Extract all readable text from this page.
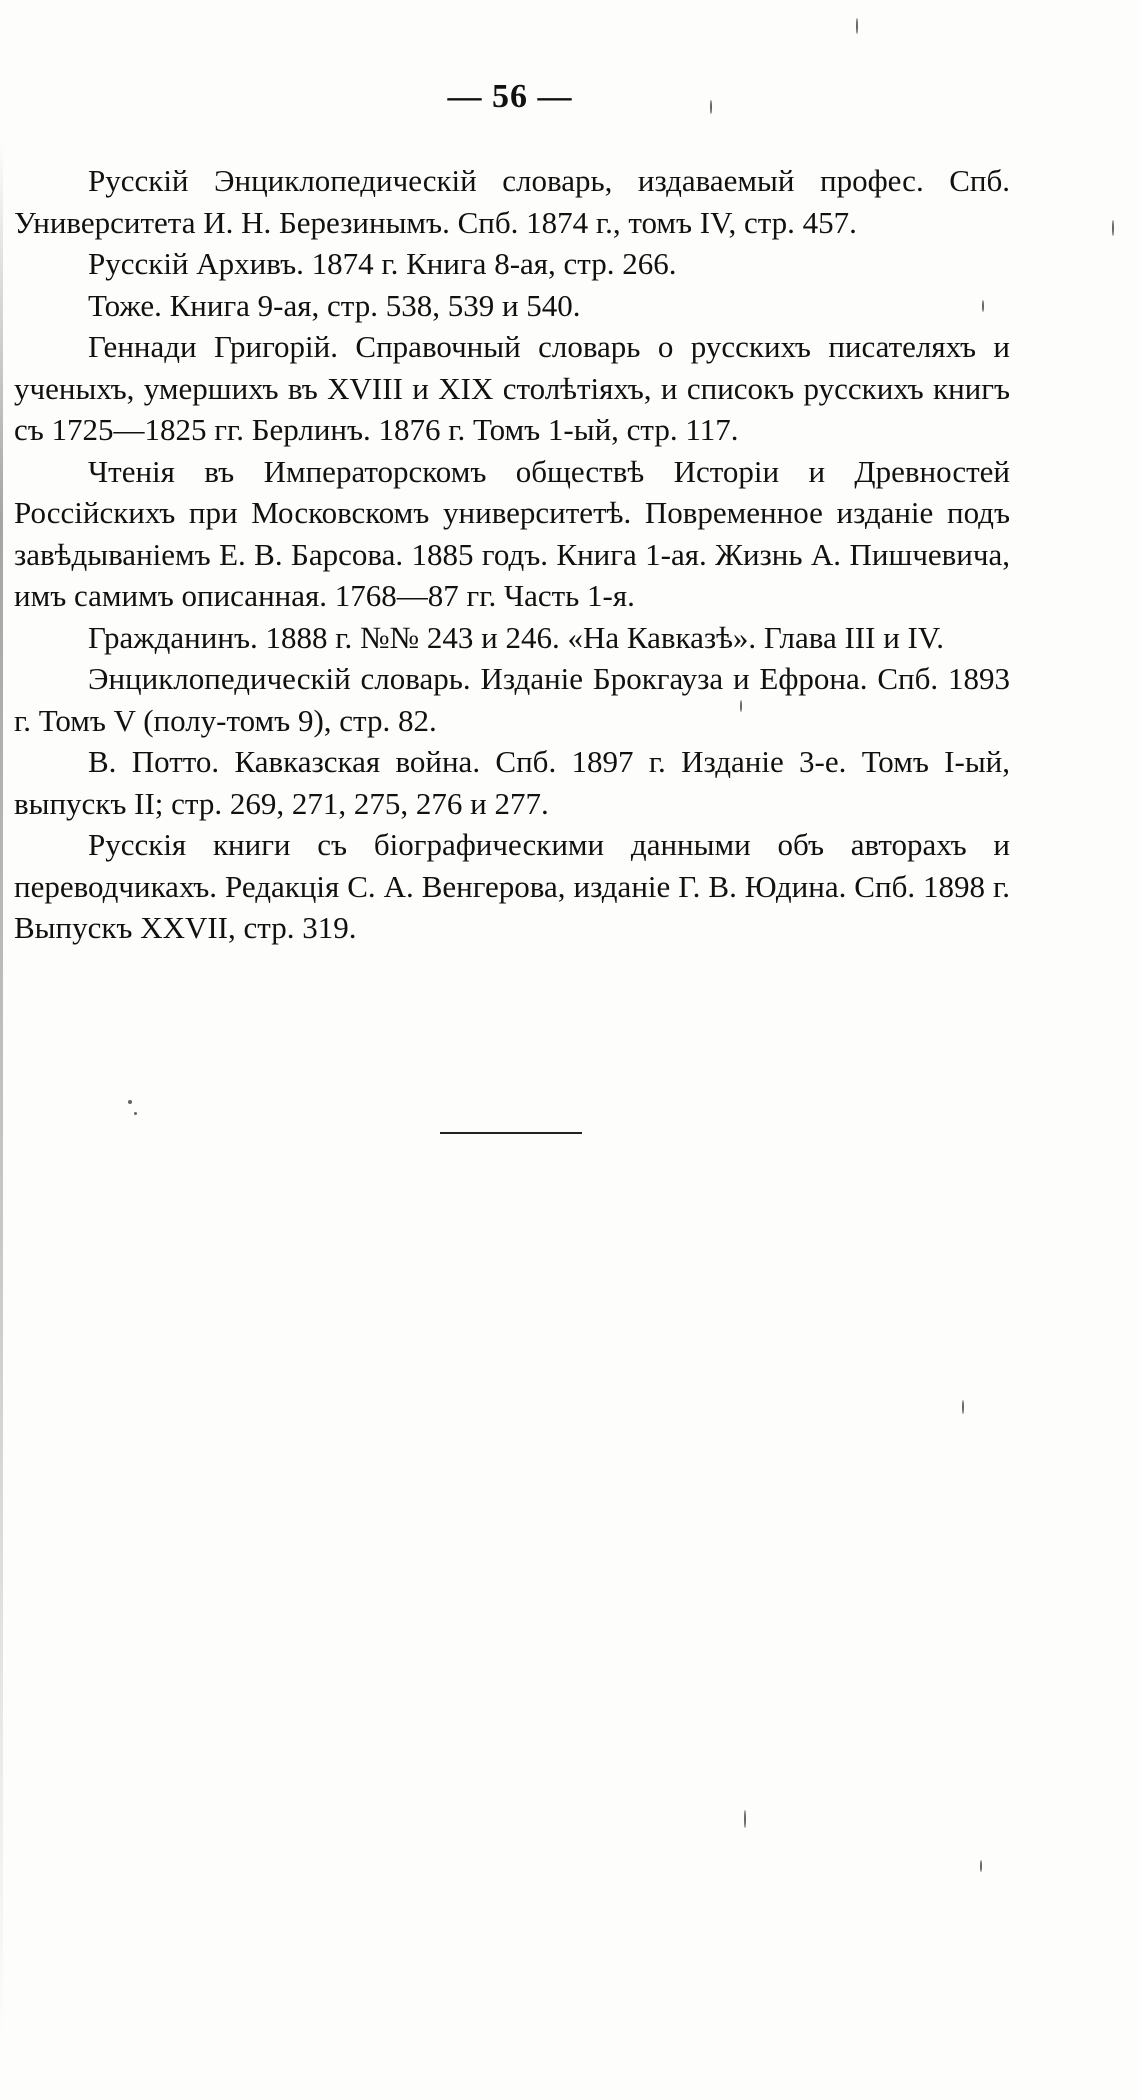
— 56 —

Русскій Энциклопедическій словарь, издаваемый профес. Спб. Университета И. Н. Березинымъ. Спб. 1874 г., томъ IV, стр. 457.

Русскій Архивъ. 1874 г. Книга 8-ая, стр. 266.

Тоже. Книга 9-ая, стр. 538, 539 и 540.

Геннади Григорій. Справочный словарь о русскихъ писателяхъ и ученыхъ, умершихъ въ XVIII и XIX столѣтіяхъ, и списокъ русскихъ книгъ съ 1725—1825 гг. Берлинъ. 1876 г. Томъ 1-ый, стр. 117.

Чтенія въ Императорскомъ обществѣ Исторіи и Древностей Россійскихъ при Московскомъ университетѣ. Повременное изданіе подъ завѣдываніемъ Е. В. Барсова. 1885 годъ. Книга 1-ая. Жизнь А. Пишчевича, имъ самимъ описанная. 1768—87 гг. Часть 1-я.

Гражданинъ. 1888 г. №№ 243 и 246. «На Кавказѣ». Глава III и IV.

Энциклопедическій словарь. Изданіе Брокгауза и Ефрона. Спб. 1893 г. Томъ V (полу-томъ 9), стр. 82.

В. Потто. Кавказская война. Спб. 1897 г. Изданіе 3-е. Томъ I-ый, выпускъ II; стр. 269, 271, 275, 276 и 277.

Русскія книги съ біографическими данными объ авторахъ и переводчикахъ. Редакція С. А. Венгерова, изданіе Г. В. Юдина. Спб. 1898 г. Выпускъ XXVII, стр. 319.
